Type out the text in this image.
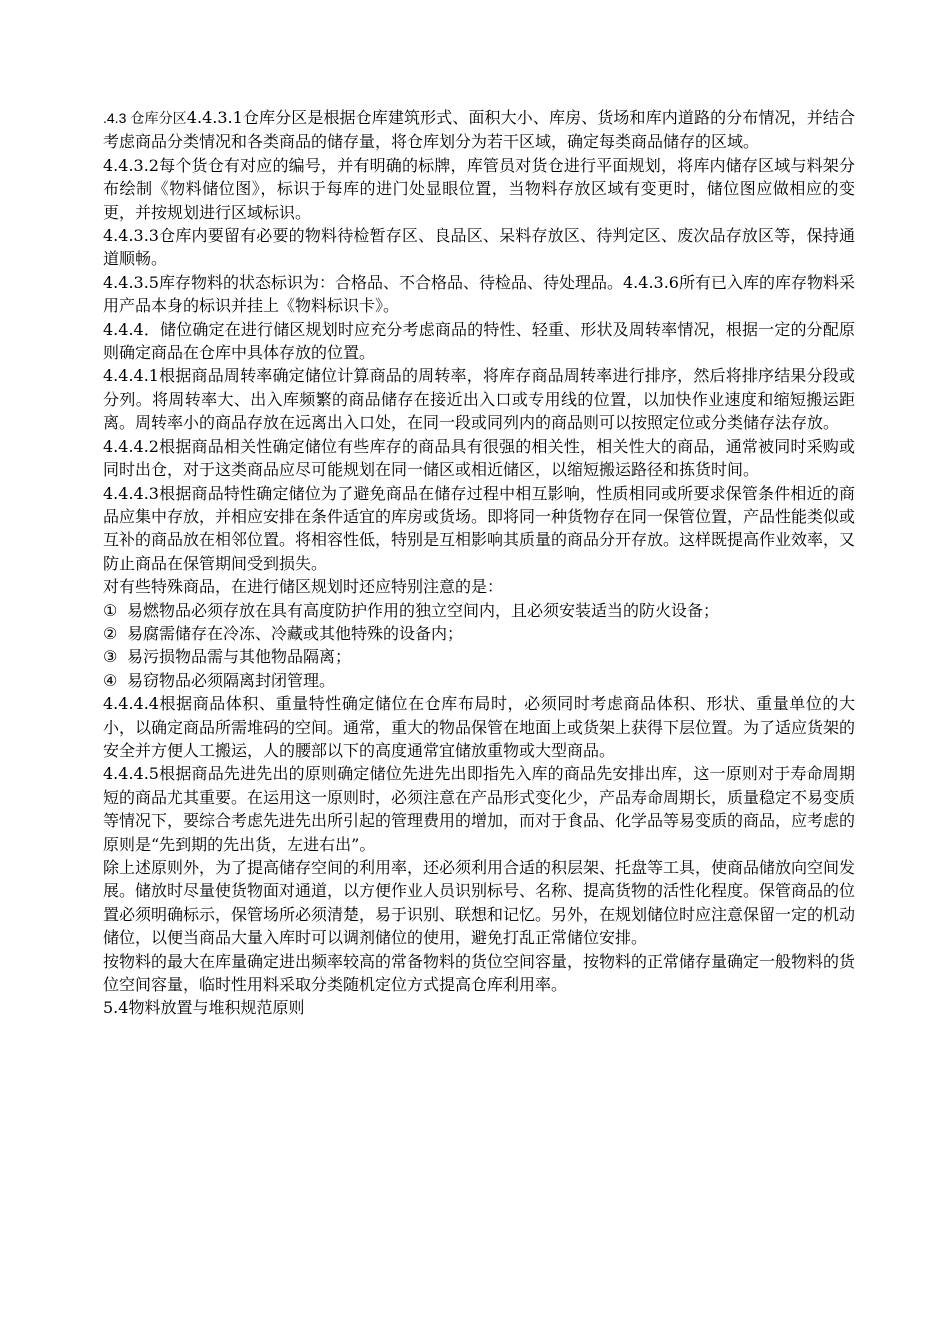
.4.3 仓库分区4.4.3.1仓库分区是根据仓库建筑形式、面积大小、库房、货场和库内道路的分布情况，并结合考虑商品分类情况和各类商品的储存量，将仓库划分为若干区域，确定每类商品储存的区域。

4.4.3.2每个货仓有对应的编号，并有明确的标牌，库管员对货仓进行平面规划，将库内储存区域与料架分布绘制《物料储位图》，标识于每库的进门处显眼位置，当物料存放区域有变更时，储位图应做相应的变更，并按规划进行区域标识。

4.4.3.3仓库内要留有必要的物料待检暂存区、良品区、呆料存放区、待判定区、废次品存放区等，保持通道顺畅。

4.4.3.5库存物料的状态标识为：合格品、不合格品、待检品、待处理品。4.4.3.6所有已入库的库存物料采用产品本身的标识并挂上《物料标识卡》。

4.4.4．储位确定在进行储区规划时应充分考虑商品的特性、轻重、形状及周转率情况，根据一定的分配原则确定商品在仓库中具体存放的位置。

4.4.4.1根据商品周转率确定储位计算商品的周转率，将库存商品周转率进行排序，然后将排序结果分段或分列。将周转率大、出入库频繁的商品储存在接近出入口或专用线的位置，以加快作业速度和缩短搬运距离。周转率小的商品存放在远离出入口处，在同一段或同列内的商品则可以按照定位或分类储存法存放。

4.4.4.2根据商品相关性确定储位有些库存的商品具有很强的相关性，相关性大的商品，通常被同时采购或同时出仓，对于这类商品应尽可能规划在同一储区或相近储区，以缩短搬运路径和拣货时间。

4.4.4.3根据商品特性确定储位为了避免商品在储存过程中相互影响，性质相同或所要求保管条件相近的商品应集中存放，并相应安排在条件适宜的库房或货场。即将同一种货物存在同一保管位置，产品性能类似或互补的商品放在相邻位置。将相容性低，特别是互相影响其质量的商品分开存放。这样既提高作业效率，又防止商品在保管期间受到损失。

对有些特殊商品，在进行储区规划时还应特别注意的是：

① 易燃物品必须存放在具有高度防护作用的独立空间内，且必须安装适当的防火设备；

② 易腐需储存在冷冻、冷藏或其他特殊的设备内；

③ 易污损物品需与其他物品隔离；

④ 易窃物品必须隔离封闭管理。

4.4.4.4根据商品体积、重量特性确定储位在仓库布局时，必须同时考虑商品体积、形状、重量单位的大小，以确定商品所需堆码的空间。通常，重大的物品保管在地面上或货架上获得下层位置。为了适应货架的安全并方便人工搬运，人的腰部以下的高度通常宜储放重物或大型商品。

4.4.4.5根据商品先进先出的原则确定储位先进先出即指先入库的商品先安排出库，这一原则对于寿命周期短的商品尤其重要。在运用这一原则时，必须注意在产品形式变化少，产品寿命周期长，质量稳定不易变质等情况下，要综合考虑先进先出所引起的管理费用的增加，而对于食品、化学品等易变质的商品，应考虑的原则是“先到期的先出货，左进右出”。

除上述原则外，为了提高储存空间的利用率，还必须利用合适的积层架、托盘等工具，使商品储放向空间发展。储放时尽量使货物面对通道，以方便作业人员识别标号、名称、提高货物的活性化程度。保管商品的位置必须明确标示，保管场所必须清楚，易于识别、联想和记忆。另外，在规划储位时应注意保留一定的机动储位，以便当商品大量入库时可以调剂储位的使用，避免打乱正常储位安排。

按物料的最大在库量确定进出频率较高的常备物料的货位空间容量，按物料的正常储存量确定一般物料的货位空间容量，临时性用料采取分类随机定位方式提高仓库利用率。

5.4物料放置与堆积规范原则
